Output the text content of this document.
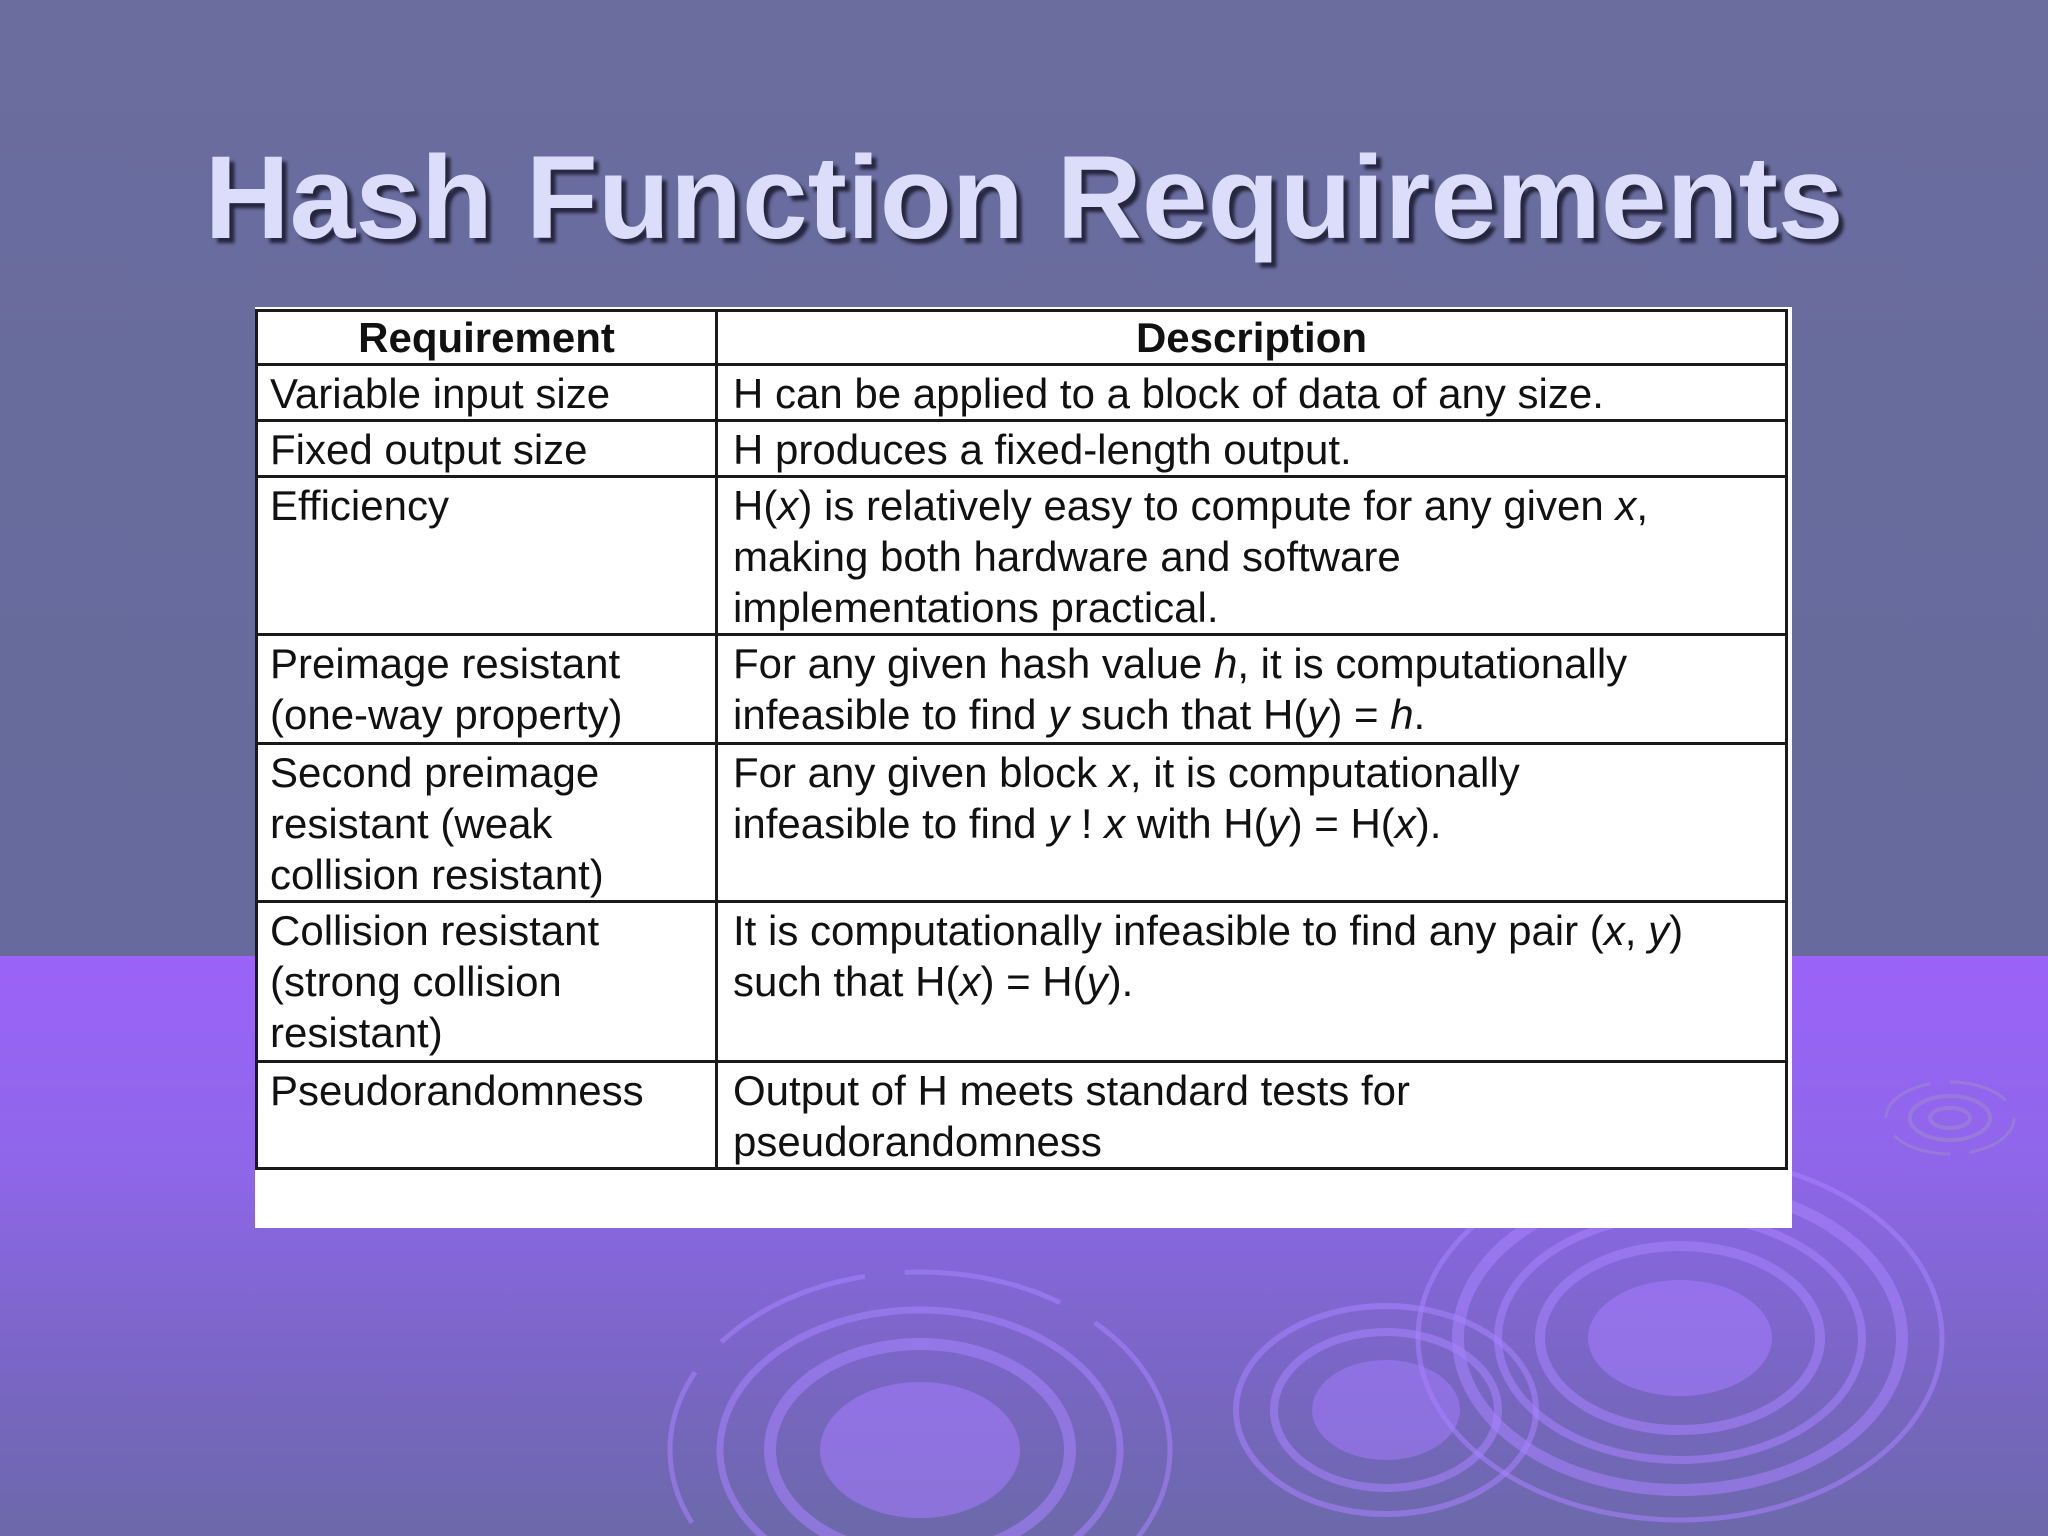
Hash Function Requirements
Requirement	Description

Variable input size	H can be applied to a block of data of any size.

Fixed output size	H produces a fixed-length output.

Efficiency	H(x) is relatively easy to compute for any given x,
making both hardware and software
implementations practical.

Preimage resistant
(one-way property)	For any given hash value h, it is computationally
infeasible to find y such that H(y) = h.

Second preimage
resistant (weak
collision resistant)	For any given block x, it is computationally
infeasible to find y ! x with H(y) = H(x).

Collision resistant
(strong collision
resistant)	It is computationally infeasible to find any pair (x, y)
such that H(x) = H(y).

Pseudorandomness	Output of H meets standard tests for
pseudorandomness
